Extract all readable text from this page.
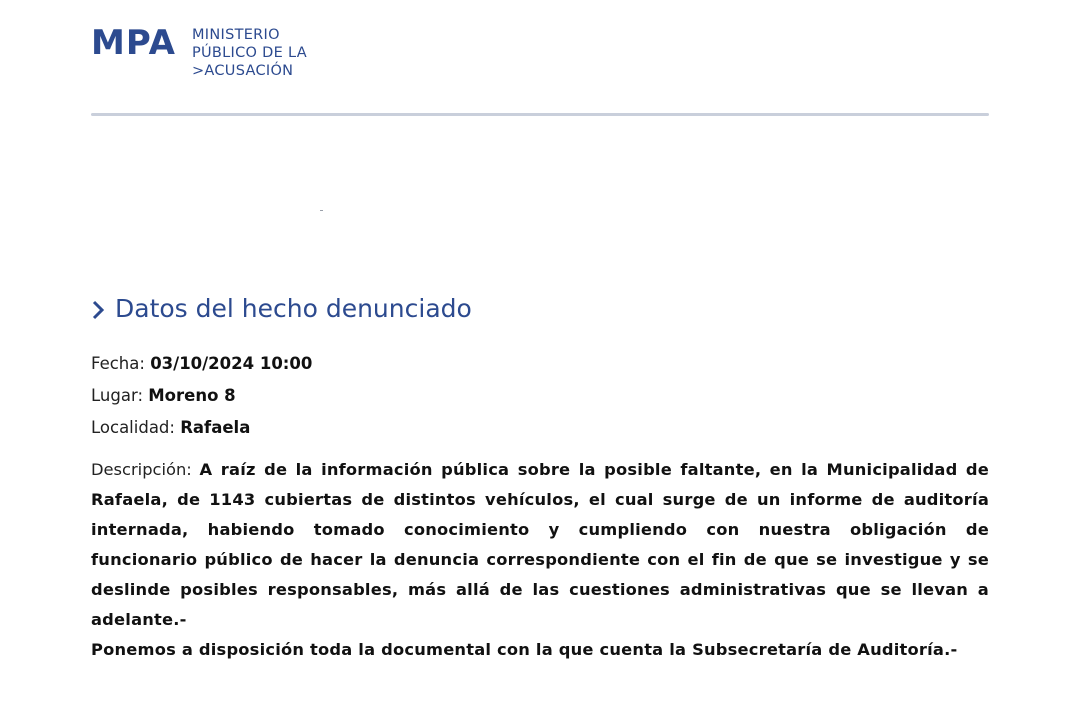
MPA MINISTERIO
PÚBLICO DE LA
>ACUSACIÓN
Datos del hecho denunciado
Fecha: 03/10/2024 10:00
Lugar: Moreno 8
Localidad: Rafaela
Descripción: A raíz de la información pública sobre la posible faltante, en la Municipalidad de
Rafaela, de 1143 cubiertas de distintos vehículos, el cual surge de un informe de auditoría
internada, habiendo tomado conocimiento y cumpliendo con nuestra obligación de
funcionario público de hacer la denuncia correspondiente con el fin de que se investigue y se
deslinde posibles responsables, más allá de las cuestiones administrativas que se llevan a
adelante.-
Ponemos a disposición toda la documental con la que cuenta la Subsecretaría de Auditoría.-
